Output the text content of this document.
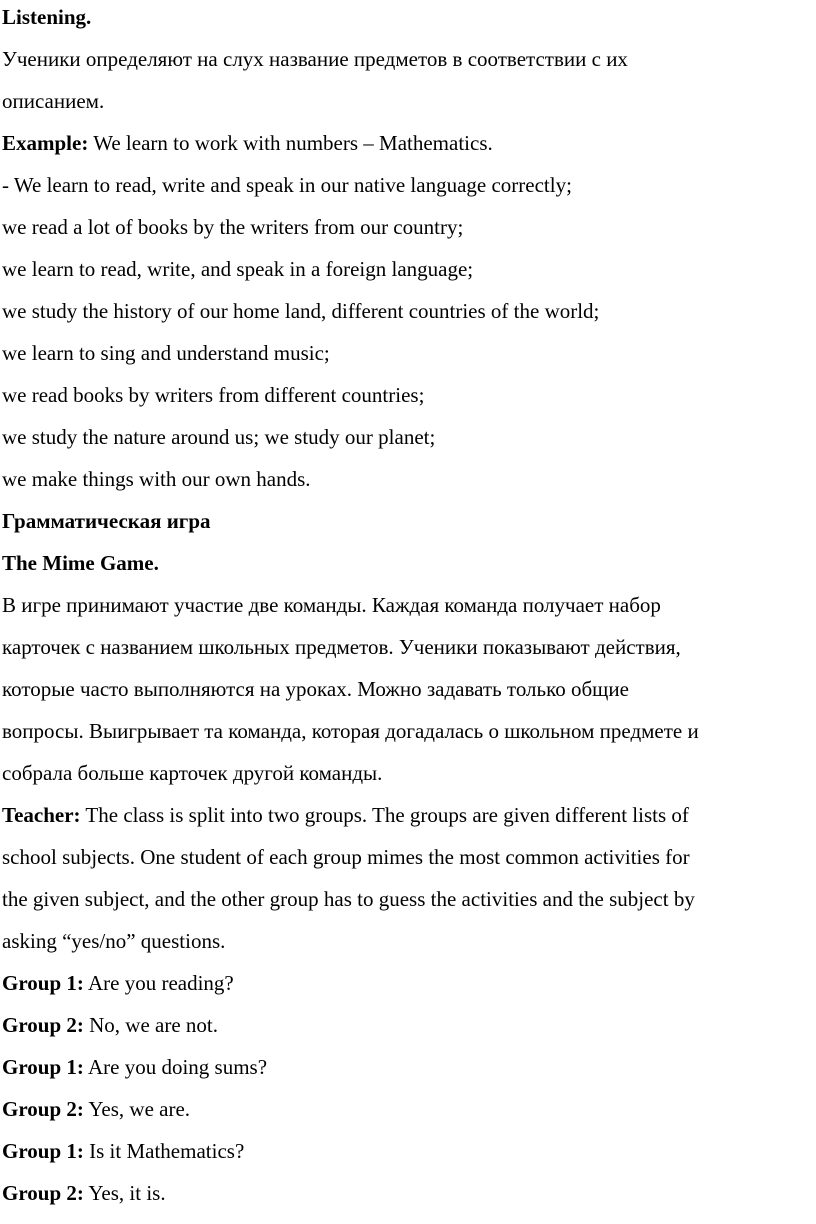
Listening.
Ученики определяют на слух название предметов в соответствии с их
описанием.
Example: We learn to work with numbers – Mathematics.
- We learn to read, write and speak in our native language correctly;
we read a lot of books by the writers from our country;
we learn to read, write, and speak in a foreign language;
we study the history of our home land, different countries of the world;
we learn to sing and understand music;
we read books by writers from different countries;
we study the nature around us; we study our planet;
we make things with our own hands.
Грамматическая игра
The Mime Game.
В игре принимают участие две команды. Каждая команда получает набор
карточек с названием школьных предметов. Ученики показывают действия,
которые часто выполняются на уроках. Можно задавать только общие
вопросы. Выигрывает та команда, которая догадалась о школьном предмете и
собрала больше карточек другой команды.
Teacher: The class is split into two groups. The groups are given different lists of
school subjects. One student of each group mimes the most common activities for
the given subject, and the other group has to guess the activities and the subject by
asking “yes/no” questions.
Group 1: Are you reading?
Group 2: No, we are not.
Group 1: Are you doing sums?
Group 2: Yes, we are.
Group 1: Is it Mathematics?
Group 2: Yes, it is.
